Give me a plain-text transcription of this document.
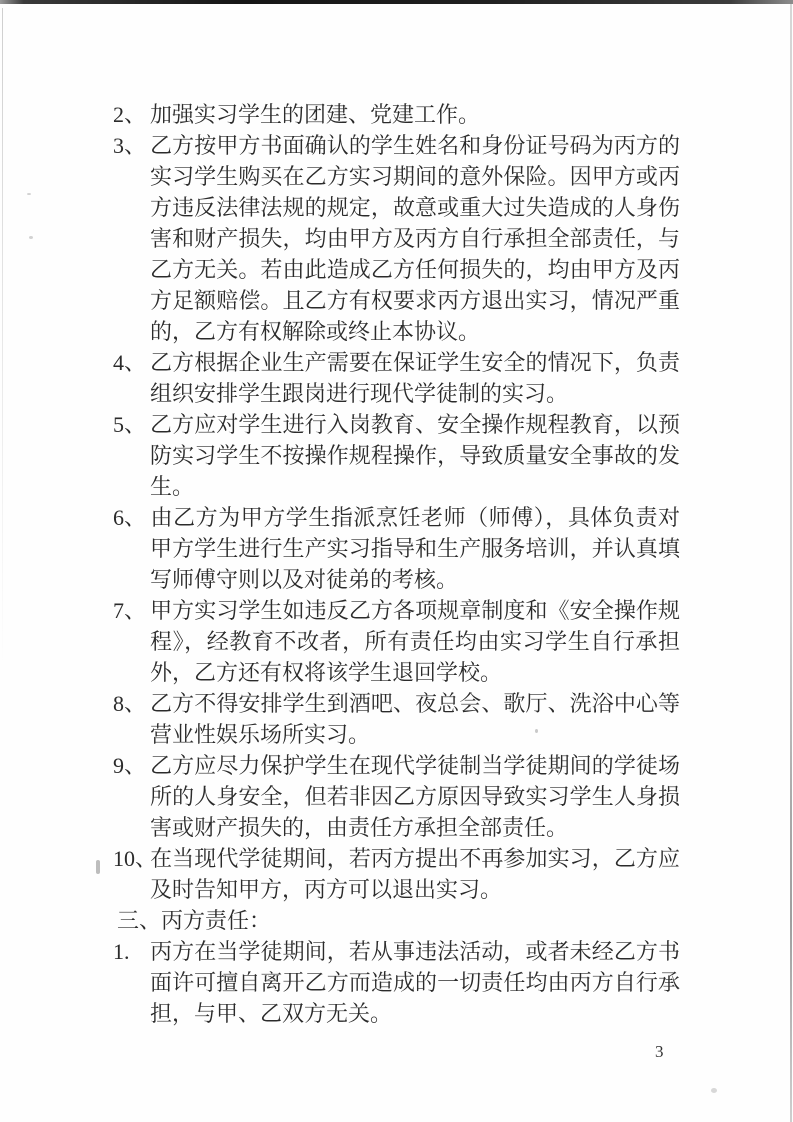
2、 加强实习学生的团建、党建工作。
3、 乙方按甲方书面确认的学生姓名和身份证号码为丙方的实习学生购买在乙方实习期间的意外保险。因甲方或丙方违反法律法规的规定，故意或重大过失造成的人身伤害和财产损失，均由甲方及丙方自行承担全部责任，与乙方无关。若由此造成乙方任何损失的，均由甲方及丙方足额赔偿。且乙方有权要求丙方退出实习，情况严重的，乙方有权解除或终止本协议。
4、 乙方根据企业生产需要在保证学生安全的情况下，负责组织安排学生跟岗进行现代学徒制的实习。
5、 乙方应对学生进行入岗教育、安全操作规程教育，以预防实习学生不按操作规程操作，导致质量安全事故的发生。
6、 由乙方为甲方学生指派烹饪老师（师傅），具体负责对甲方学生进行生产实习指导和生产服务培训，并认真填写师傅守则以及对徒弟的考核。
7、 甲方实习学生如违反乙方各项规章制度和《安全操作规程》，经教育不改者，所有责任均由实习学生自行承担外，乙方还有权将该学生退回学校。
8、 乙方不得安排学生到酒吧、夜总会、歌厅、洗浴中心等营业性娱乐场所实习。
9、 乙方应尽力保护学生在现代学徒制当学徒期间的学徒场所的人身安全，但若非因乙方原因导致实习学生人身损害或财产损失的，由责任方承担全部责任。
10、在当现代学徒期间，若丙方提出不再参加实习，乙方应及时告知甲方，丙方可以退出实习。
三、丙方责任：
1. 丙方在当学徒期间，若从事违法活动，或者未经乙方书面许可擅自离开乙方而造成的一切责任均由丙方自行承担，与甲、乙双方无关。
3
